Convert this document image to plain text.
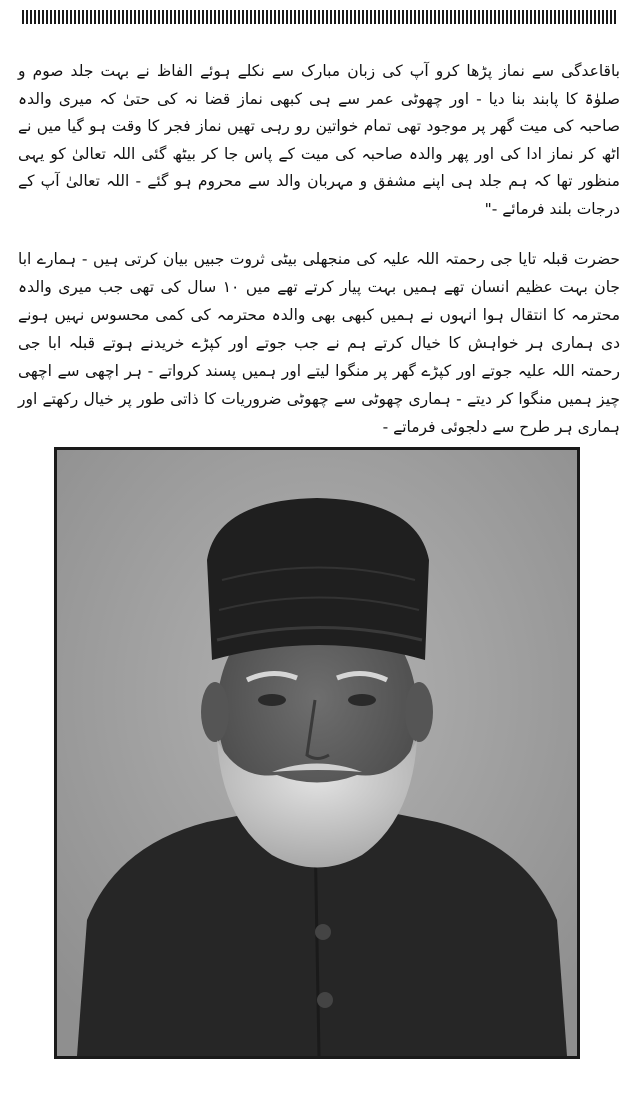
باقاعدگی سے نماز پڑھا کرو آپ کی زبان مبارک سے نکلے ہوئے الفاظ نے بہت جلد صوم و صلوٰۃ کا پابند بنا دیا - اور چھوٹی عمر سے ہی کبھی نماز قضا نہ کی حتیٰ کہ میری والدہ صاحبہ کی میت گھر پر موجود تھی تمام خواتین رو رہی تھیں نماز فجر کا وقت ہو گیا میں نے اٹھ کر نماز ادا کی اور پھر والدہ صاحبہ کی میت کے پاس جا کر بیٹھ گئی اللہ تعالیٰ کو یہی منظور تھا کہ ہم جلد ہی اپنے مشفق و مہربان والد سے محروم ہو گئے - اللہ تعالیٰ آپ کے درجات بلند فرمائے -"

حضرت قبلہ تایا جی رحمتہ اللہ علیہ کی منجھلی بیٹی ثروت جبیں بیان کرتی ہیں - ہمارے ابا جان بہت عظیم انسان تھے ہمیں بہت پیار کرتے تھے میں ۱۰ سال کی تھی جب میری والدہ محترمہ کا انتقال ہوا انہوں نے ہمیں کبھی بھی والدہ محترمہ کی کمی محسوس نہیں ہونے دی ہماری ہر خواہش کا خیال کرتے ہم نے جب جوتے اور کپڑے خریدنے ہوتے قبلہ ابا جی رحمتہ اللہ علیہ جوتے اور کپڑے گھر پر منگوا لیتے اور ہمیں پسند کرواتے - ہر اچھی سے اچھی چیز ہمیں منگوا کر دیتے - ہماری چھوٹی سے چھوٹی ضروریات کا ذاتی طور پر خیال رکھتے اور ہماری ہر طرح سے دلجوئی فرماتے -
